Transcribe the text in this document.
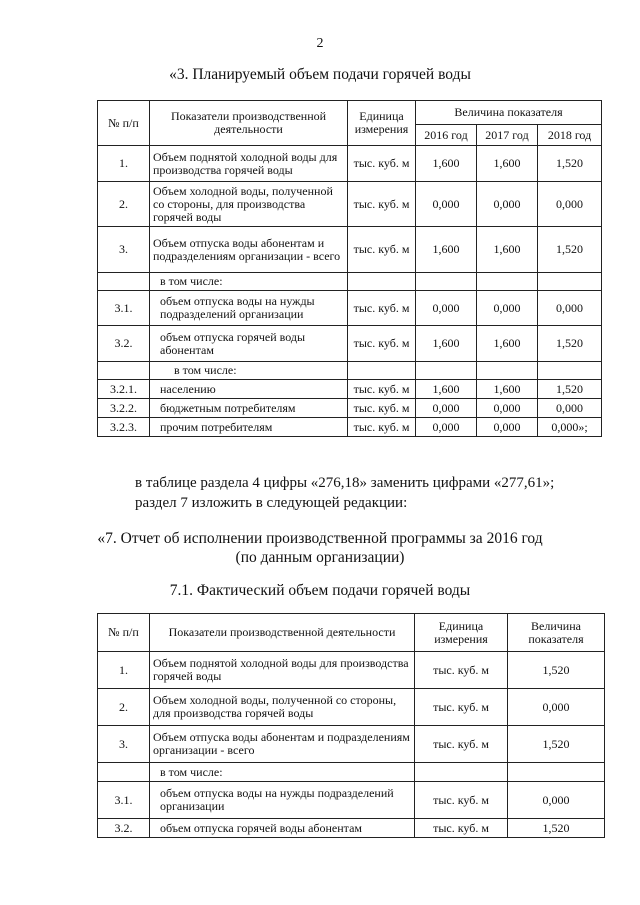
2
«3. Планируемый объем подачи горячей воды
№ п/п	Показатели производственной деятельности	Единица измерения	Величина показателя		
			2016 год	2017 год	2018 год
1.	Объем поднятой холодной воды для производства горячей воды	тыс. куб. м	1,600	1,600	1,520
2.	Объем холодной воды, полученной со стороны, для производства горячей воды	тыс. куб. м	0,000	0,000	0,000
3.	Объем отпуска воды абонентам и подразделениям организации - всего	тыс. куб. м	1,600	1,600	1,520
	в том числе:				
3.1.	объем отпуска воды на нужды подразделений организации	тыс. куб. м	0,000	0,000	0,000
3.2.	объем отпуска горячей воды абонентам	тыс. куб. м	1,600	1,600	1,520
	в том числе:				
3.2.1.	населению	тыс. куб. м	1,600	1,600	1,520
3.2.2.	бюджетным потребителям	тыс. куб. м	0,000	0,000	0,000
3.2.3.	прочим потребителям	тыс. куб. м	0,000	0,000	0,000»;
в таблице раздела 4 цифры «276,18» заменить цифрами «277,61»;
раздел 7 изложить в следующей редакции:
«7. Отчет об исполнении производственной программы за 2016 год
(по данным организации)
7.1. Фактический объем подачи горячей воды
№ п/п	Показатели производственной деятельности	Единица измерения	Величина показателя
1.	Объем поднятой холодной воды для производства горячей воды	тыс. куб. м	1,520
2.	Объем холодной воды, полученной со стороны, для производства горячей воды	тыс. куб. м	0,000
3.	Объем отпуска воды абонентам и подразделениям организации - всего	тыс. куб. м	1,520
	в том числе:		
3.1.	объем отпуска воды на нужды подразделений организации	тыс. куб. м	0,000
3.2.	объем отпуска горячей воды абонентам	тыс. куб. м	1,520
